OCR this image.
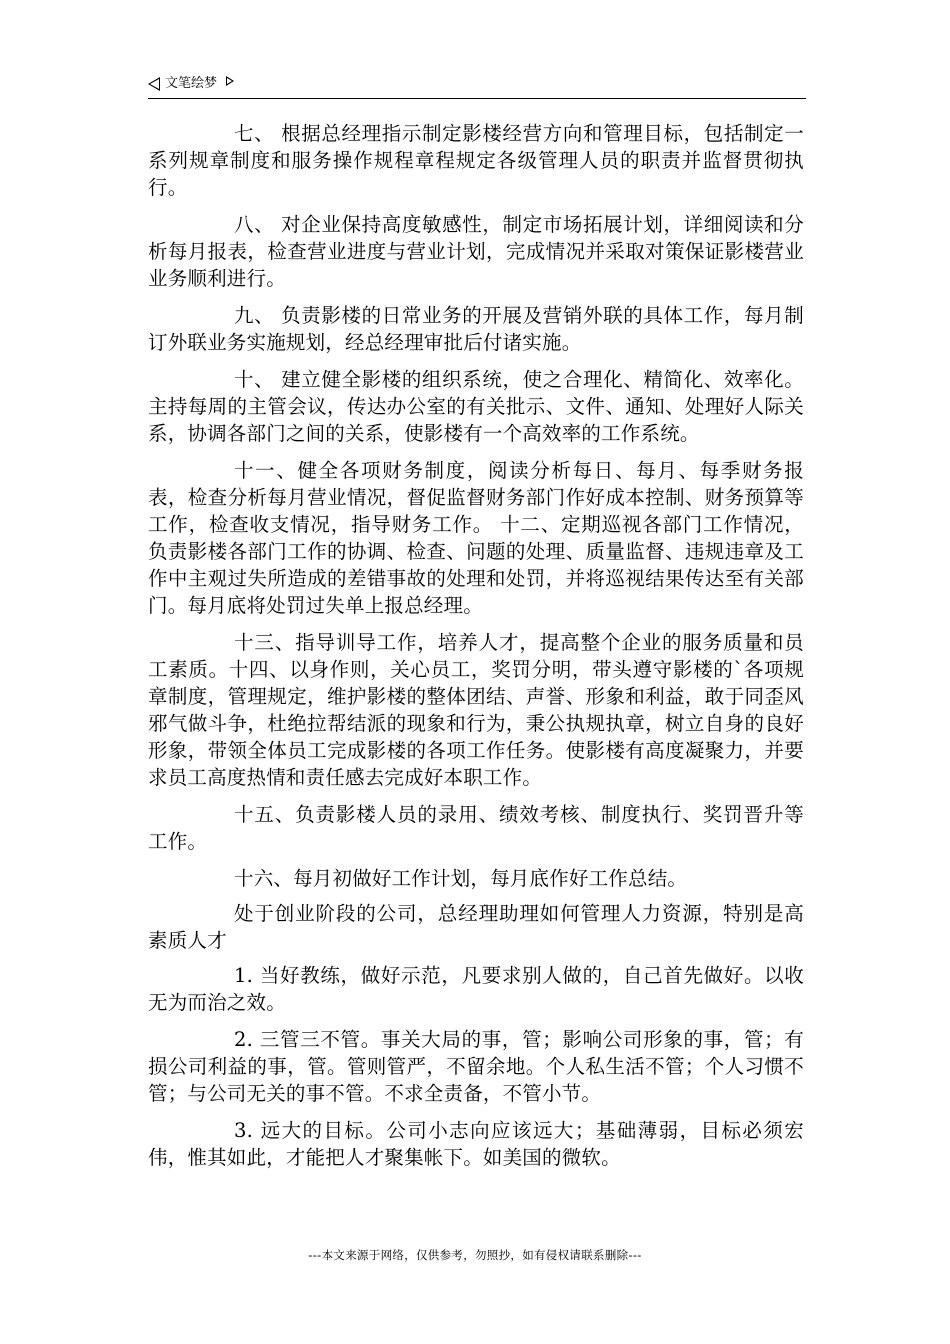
文笔绘梦

七、 根据总经理指示制定影楼经营方向和管理目标，包括制定一系列规章制度和服务操作规程章程规定各级管理人员的职责并监督贯彻执行。

八、 对企业保持高度敏感性，制定市场拓展计划，详细阅读和分析每月报表，检查营业进度与营业计划，完成情况并采取对策保证影楼营业业务顺利进行。

九、 负责影楼的日常业务的开展及营销外联的具体工作，每月制订外联业务实施规划，经总经理审批后付诸实施。

十、 建立健全影楼的组织系统，使之合理化、精简化、效率化。主持每周的主管会议，传达办公室的有关批示、文件、通知、处理好人际关系，协调各部门之间的关系，使影楼有一个高效率的工作系统。

十一、健全各项财务制度，阅读分析每日、每月、每季财务报表，检查分析每月营业情况，督促监督财务部门作好成本控制、财务预算等工作，检查收支情况，指导财务工作。 十二、定期巡视各部门工作情况，负责影楼各部门工作的协调、检查、问题的处理、质量监督、违规违章及工作中主观过失所造成的差错事故的处理和处罚，并将巡视结果传达至有关部门。每月底将处罚过失单上报总经理。

十三、指导训导工作，培养人才，提高整个企业的服务质量和员工素质。十四、以身作则，关心员工，奖罚分明，带头遵守影楼的`各项规章制度，管理规定，维护影楼的整体团结、声誉、形象和利益，敢于同歪风邪气做斗争，杜绝拉帮结派的现象和行为，秉公执规执章，树立自身的良好形象，带领全体员工完成影楼的各项工作任务。使影楼有高度凝聚力，并要求员工高度热情和责任感去完成好本职工作。

十五、负责影楼人员的录用、绩效考核、制度执行、奖罚晋升等工作。

十六、每月初做好工作计划，每月底作好工作总结。

处于创业阶段的公司，总经理助理如何管理人力资源，特别是高素质人才

1. 当好教练，做好示范，凡要求别人做的，自己首先做好。以收无为而治之效。

2. 三管三不管。事关大局的事，管；影响公司形象的事，管；有损公司利益的事，管。管则管严，不留余地。个人私生活不管；个人习惯不管；与公司无关的事不管。不求全责备，不管小节。

3. 远大的目标。公司小志向应该远大；基础薄弱，目标必须宏伟，惟其如此，才能把人才聚集帐下。如美国的微软。

---本文来源于网络，仅供参考，勿照抄，如有侵权请联系删除---
